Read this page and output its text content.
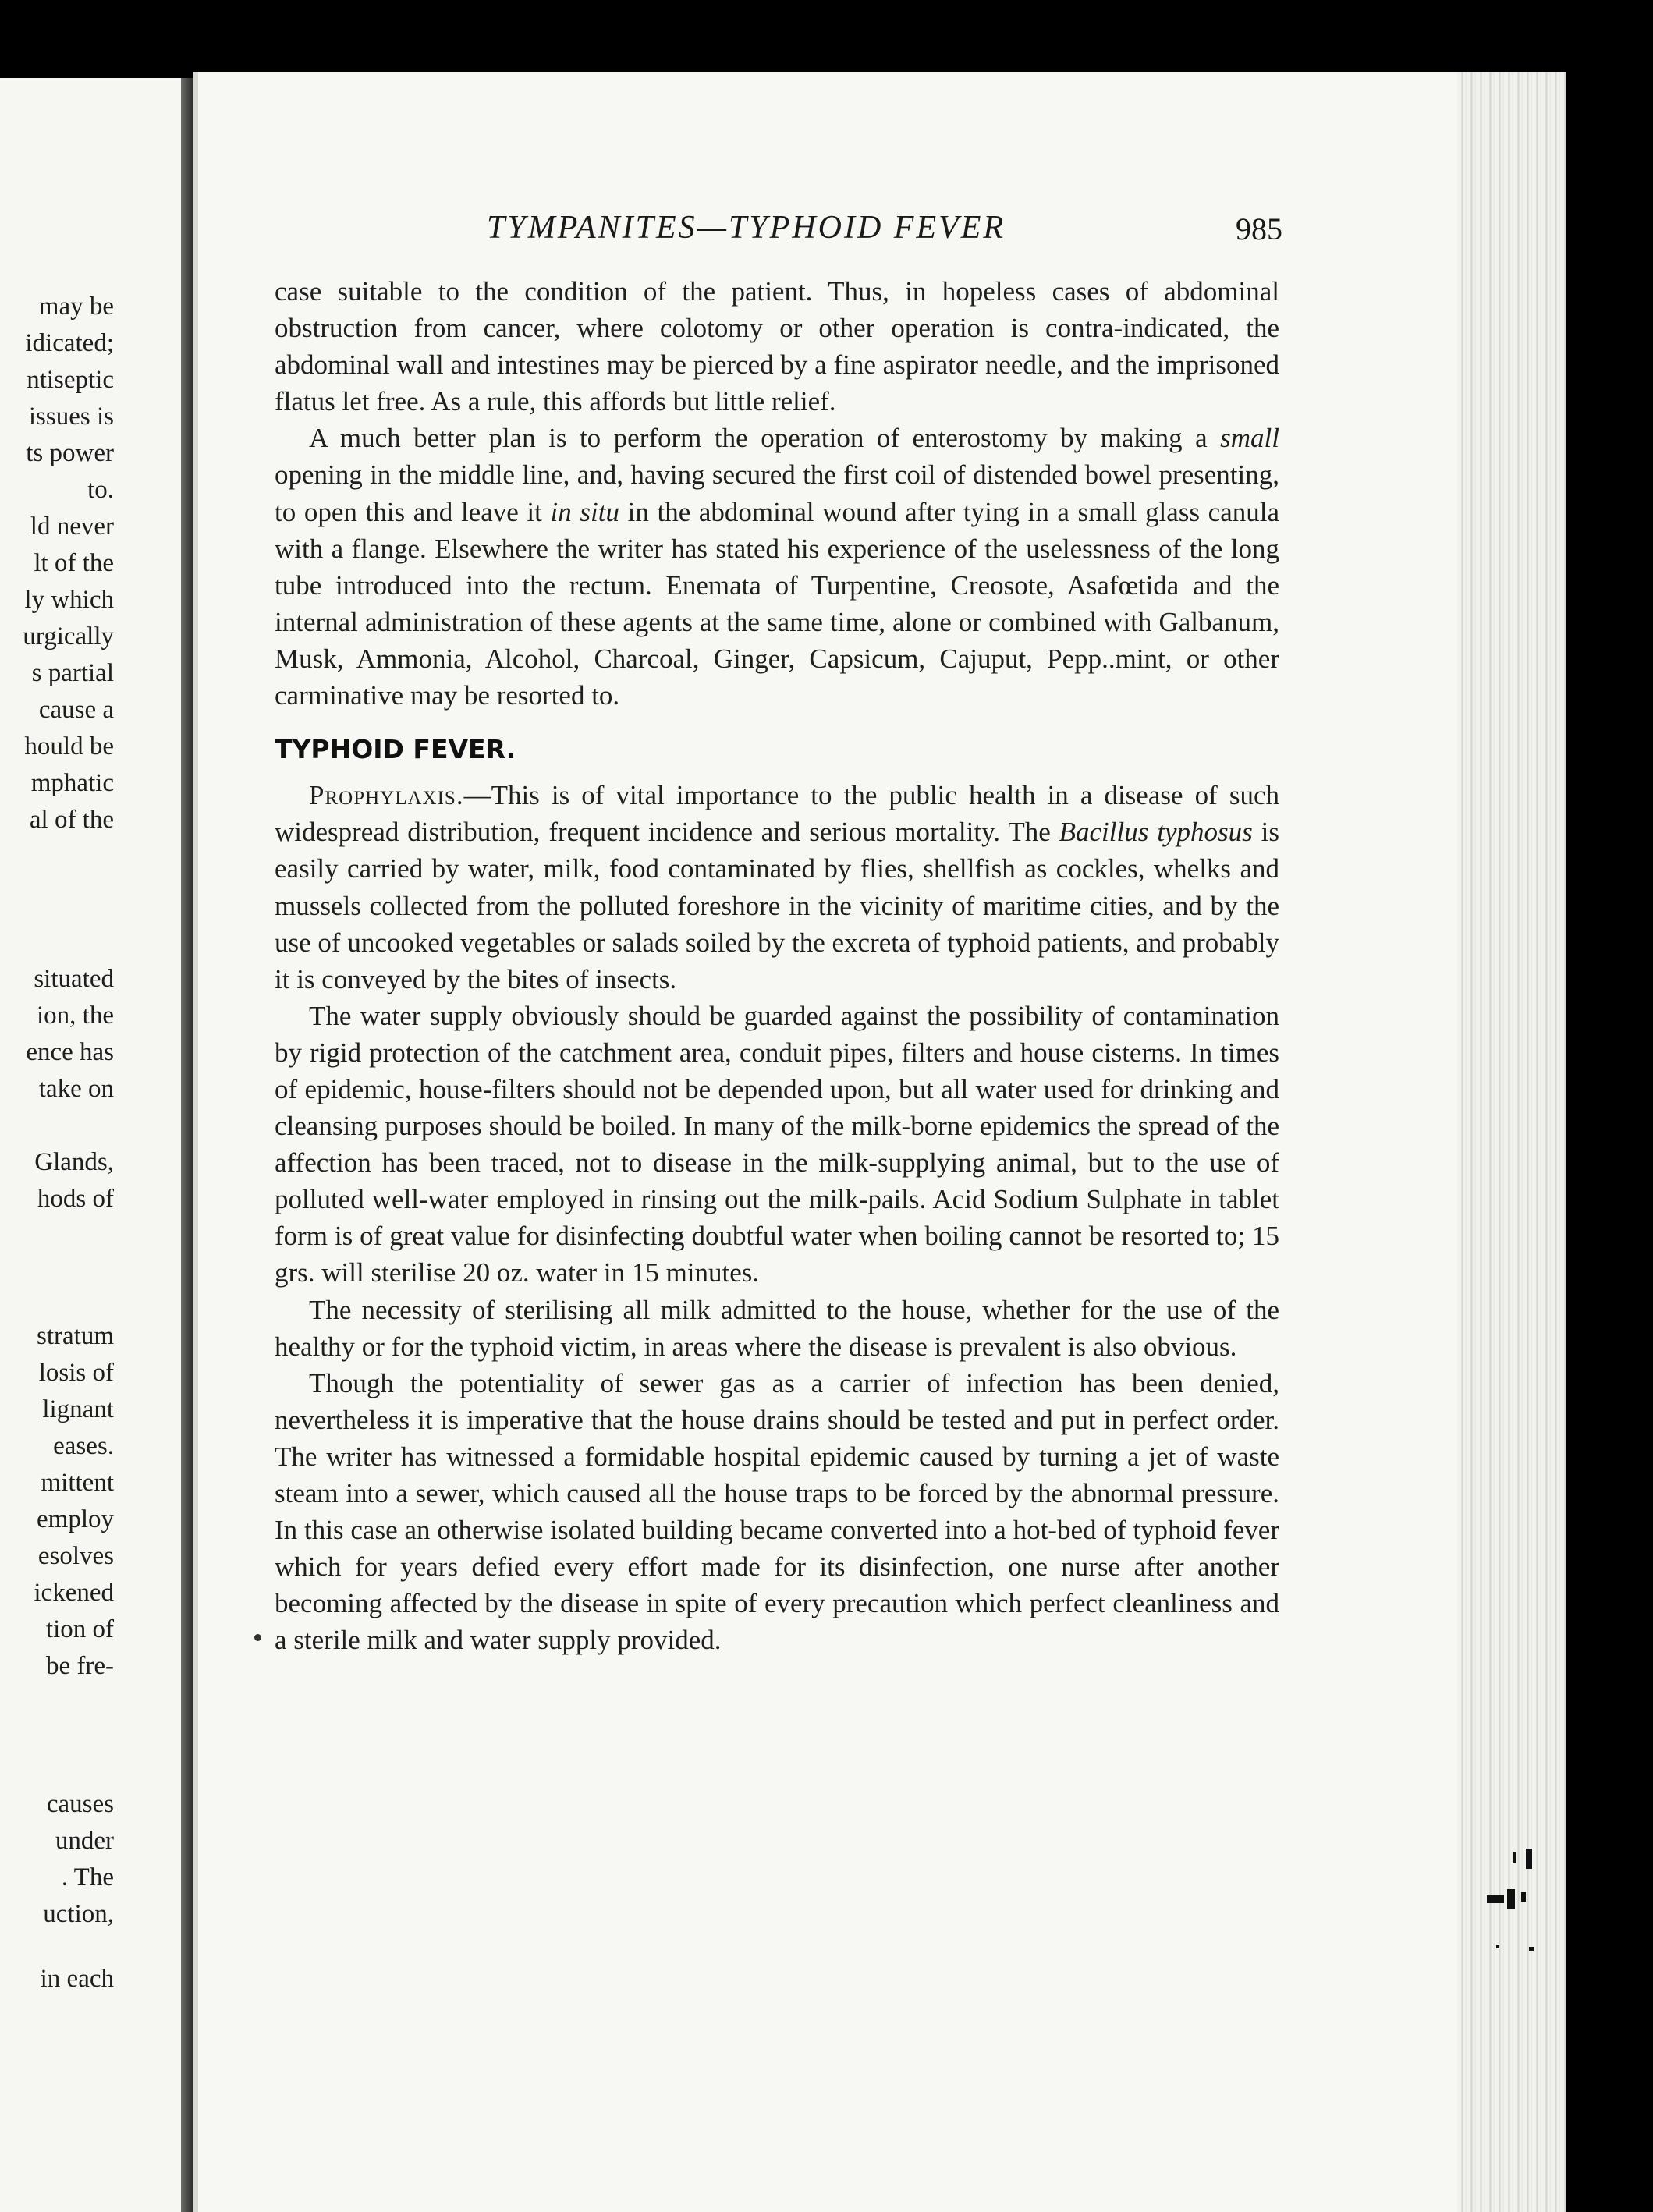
may be
idicated;
ntiseptic
issues is
ts power
to.
ld never
lt of the
ly which
urgically
s partial
cause a
hould be
mphatic
al of the
situated
ion, the
ence has
take on
Glands,
hods of
stratum
losis of
lignant
eases.
mittent
employ
esolves
ickened
tion of
be fre-
causes
under
. The
uction,
in each
TYMPANITES—TYPHOID FEVER	985

case suitable to the condition of the patient. Thus, in hopeless cases of abdominal obstruction from cancer, where colotomy or other operation is contra-indicated, the abdominal wall and intestines may be pierced by a fine aspirator needle, and the imprisoned flatus let free. As a rule, this affords but little relief.

A much better plan is to perform the operation of enterostomy by making a small opening in the middle line, and, having secured the first coil of distended bowel presenting, to open this and leave it in situ in the abdominal wound after tying in a small glass canula with a flange. Elsewhere the writer has stated his experience of the uselessness of the long tube introduced into the rectum. Enemata of Turpentine, Creosote, Asafœtida and the internal administration of these agents at the same time, alone or combined with Galbanum, Musk, Ammonia, Alcohol, Charcoal, Ginger, Capsicum, Cajuput, Pepp..mint, or other carminative may be resorted to.

TYPHOID FEVER.

Prophylaxis.—This is of vital importance to the public health in a disease of such widespread distribution, frequent incidence and serious mortality. The Bacillus typhosus is easily carried by water, milk, food contaminated by flies, shellfish as cockles, whelks and mussels collected from the polluted foreshore in the vicinity of maritime cities, and by the use of uncooked vegetables or salads soiled by the excreta of typhoid patients, and probably it is conveyed by the bites of insects.

The water supply obviously should be guarded against the possibility of contamination by rigid protection of the catchment area, conduit pipes, filters and house cisterns. In times of epidemic, house-filters should not be depended upon, but all water used for drinking and cleansing purposes should be boiled. In many of the milk-borne epidemics the spread of the affection has been traced, not to disease in the milk-supplying animal, but to the use of polluted well-water employed in rinsing out the milk-pails. Acid Sodium Sulphate in tablet form is of great value for disinfecting doubtful water when boiling cannot be resorted to; 15 grs. will sterilise 20 oz. water in 15 minutes.

The necessity of sterilising all milk admitted to the house, whether for the use of the healthy or for the typhoid victim, in areas where the disease is prevalent is also obvious.

Though the potentiality of sewer gas as a carrier of infection has been denied, nevertheless it is imperative that the house drains should be tested and put in perfect order. The writer has witnessed a formidable hospital epidemic caused by turning a jet of waste steam into a sewer, which caused all the house traps to be forced by the abnormal pressure. In this case an otherwise isolated building became converted into a hot-bed of typhoid fever which for years defied every effort made for its disinfection, one nurse after another becoming affected by the disease in spite of every precaution which perfect cleanliness and a sterile milk and water supply provided.
